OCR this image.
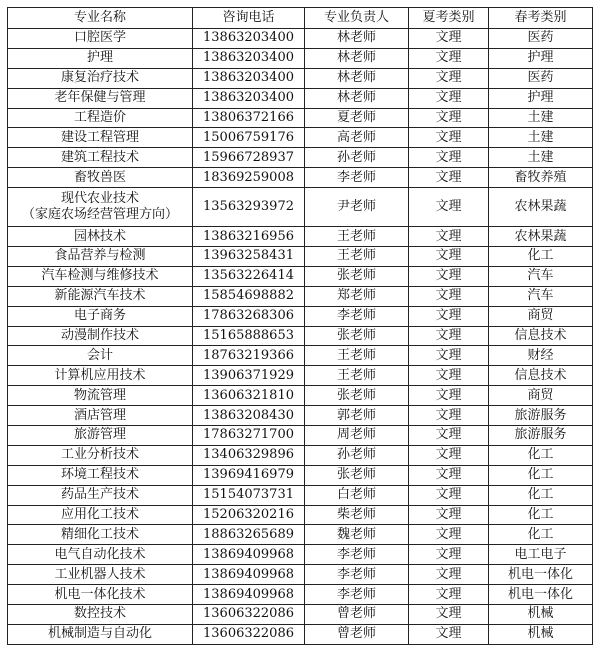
专业名称	咨询电话	专业负责人	夏考类别	春考类别

口腔医学	13863203400	林老师	文理	医药

护理	13863203400	林老师	文理	护理

康复治疗技术	13863203400	林老师	文理	医药

老年保健与管理	13863203400	林老师	文理	护理

工程造价	13806372166	夏老师	文理	土建

建设工程管理	15006759176	高老师	文理	土建

建筑工程技术	15966728937	孙老师	文理	土建

畜牧兽医	18369259008	李老师	文理	畜牧养殖

现代农业技术
（家庭农场经营管理方向）	13563293972	尹老师	文理	农林果蔬

园林技术	13863216956	王老师	文理	农林果蔬

食品营养与检测	13963258431	王老师	文理	化工

汽车检测与维修技术	13563226414	张老师	文理	汽车

新能源汽车技术	15854698882	郑老师	文理	汽车

电子商务	17863268306	李老师	文理	商贸

动漫制作技术	15165888653	张老师	文理	信息技术

会计	18763219366	王老师	文理	财经

计算机应用技术	13906371929	王老师	文理	信息技术

物流管理	13606321810	张老师	文理	商贸

酒店管理	13863208430	郭老师	文理	旅游服务

旅游管理	17863271700	周老师	文理	旅游服务

工业分析技术	13406329896	孙老师	文理	化工

环境工程技术	13969416979	张老师	文理	化工

药品生产技术	15154073731	白老师	文理	化工

应用化工技术	15206320216	柴老师	文理	化工

精细化工技术	18863265689	魏老师	文理	化工

电气自动化技术	13869409968	李老师	文理	电工电子

工业机器人技术	13869409968	李老师	文理	机电一体化

机电一体化技术	13869409968	李老师	文理	机电一体化

数控技术	13606322086	曾老师	文理	机械

机械制造与自动化	13606322086	曾老师	文理	机械
